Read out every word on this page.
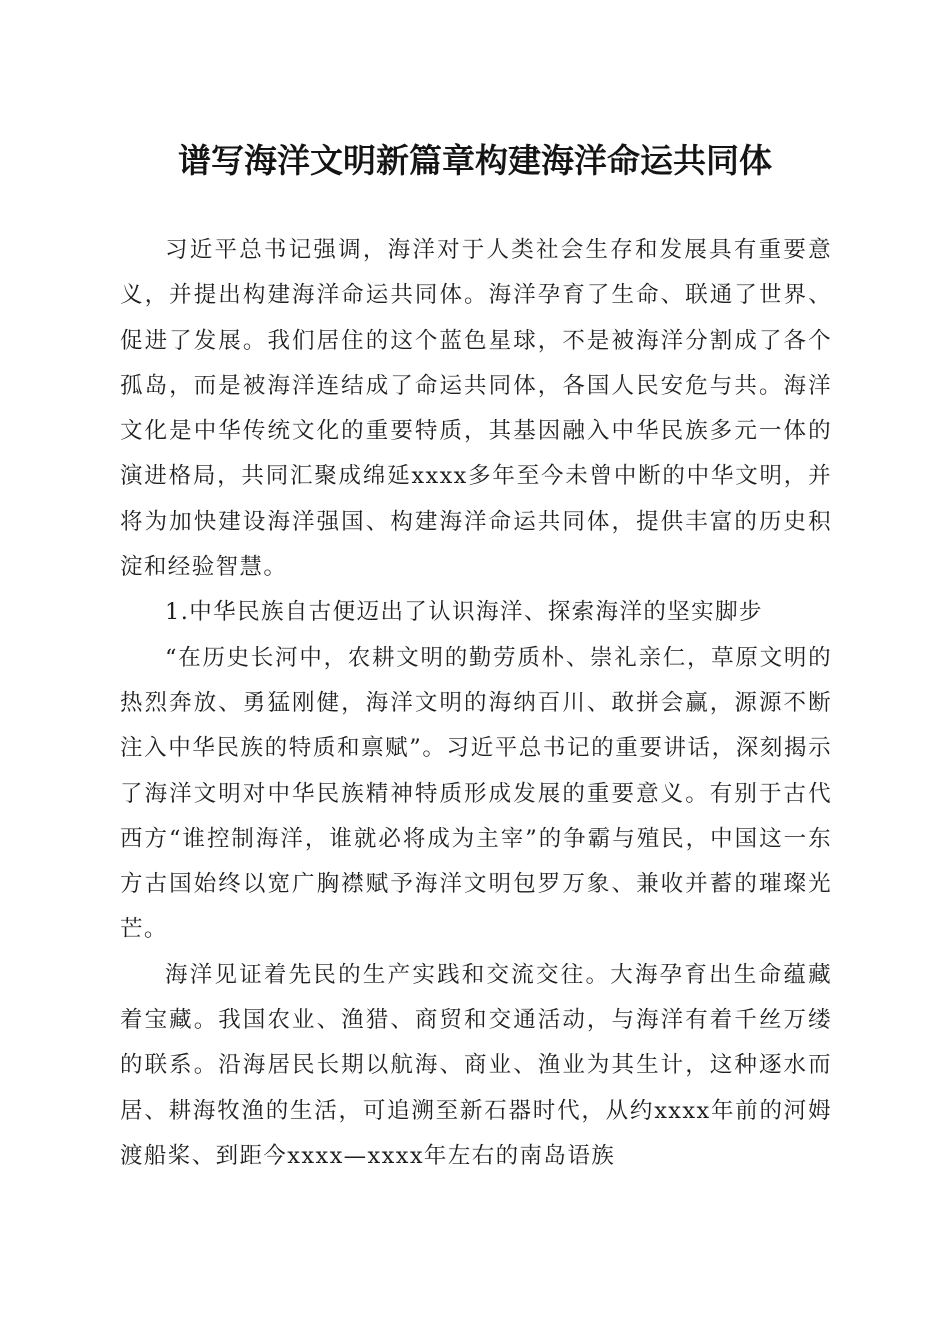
谱写海洋文明新篇章构建海洋命运共同体

习近平总书记强调，海洋对于人类社会生存和发展具有重要意义，并提出构建海洋命运共同体。海洋孕育了生命、联通了世界、促进了发展。我们居住的这个蓝色星球，不是被海洋分割成了各个孤岛，而是被海洋连结成了命运共同体，各国人民安危与共。海洋文化是中华传统文化的重要特质，其基因融入中华民族多元一体的演进格局，共同汇聚成绵延xxxx多年至今未曾中断的中华文明，并将为加快建设海洋强国、构建海洋命运共同体，提供丰富的历史积淀和经验智慧。

1.中华民族自古便迈出了认识海洋、探索海洋的坚实脚步

“在历史长河中，农耕文明的勤劳质朴、崇礼亲仁，草原文明的热烈奔放、勇猛刚健，海洋文明的海纳百川、敢拼会赢，源源不断注入中华民族的特质和禀赋”。习近平总书记的重要讲话，深刻揭示了海洋文明对中华民族精神特质形成发展的重要意义。有别于古代西方“谁控制海洋，谁就必将成为主宰”的争霸与殖民，中国这一东方古国始终以宽广胸襟赋予海洋文明包罗万象、兼收并蓄的璀璨光芒。

海洋见证着先民的生产实践和交流交往。大海孕育出生命蕴藏着宝藏。我国农业、渔猎、商贸和交通活动，与海洋有着千丝万缕的联系。沿海居民长期以航海、商业、渔业为其生计，这种逐水而居、耕海牧渔的生活，可追溯至新石器时代，从约xxxx年前的河姆渡船桨、到距今xxxx—xxxx年左右的南岛语族
